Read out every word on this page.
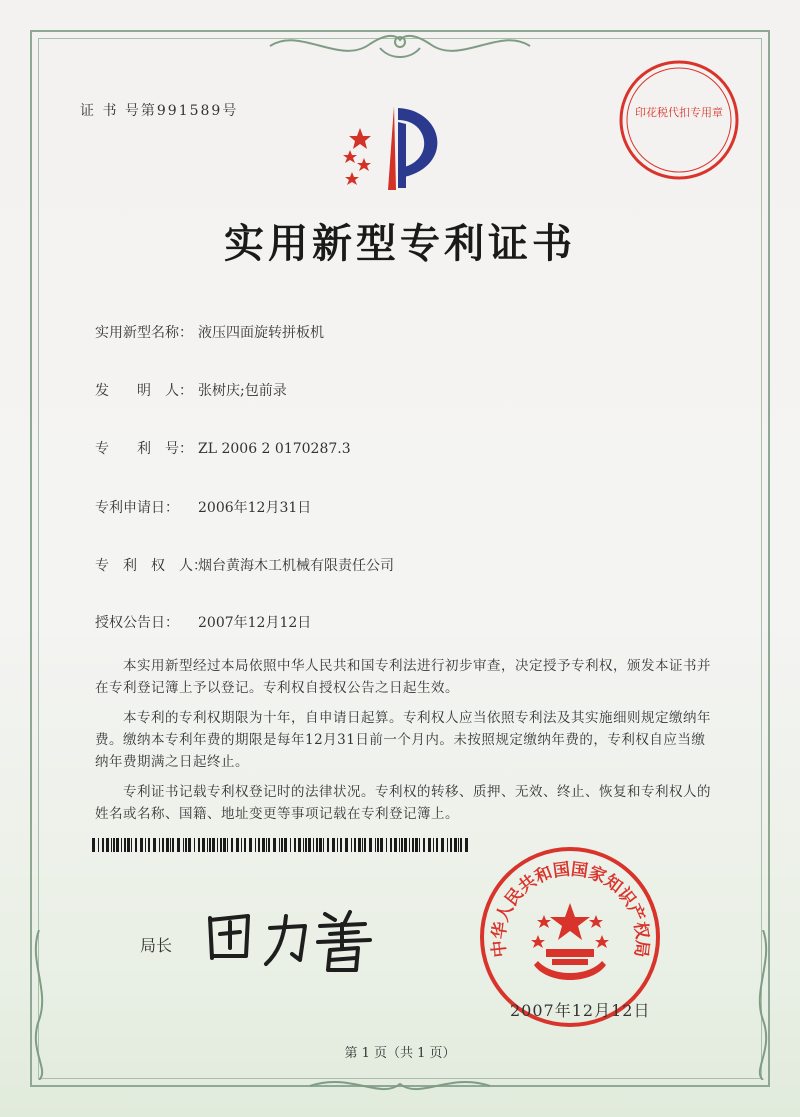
证 书 号第991589号	印花税代扣专用章
实用新型专利证书
实用新型名称： 液压四面旋转拼板机
发　　明　人： 张树庆;包前录
专　　利　号： ZL 2006 2 0170287.3
专利申请日： 2006年12月31日
专　利　权　人：烟台黄海木工机械有限责任公司
授权公告日： 2007年12月12日

本实用新型经过本局依照中华人民共和国专利法进行初步审查，决定授予专利权，颁发本证书并在专利登记簿上予以登记。专利权自授权公告之日起生效。

本专利的专利权期限为十年，自申请日起算。专利权人应当依照专利法及其实施细则规定缴纳年费。缴纳本专利年费的期限是每年12月31日前一个月内。未按照规定缴纳年费的，专利权自应当缴纳年费期满之日起终止。

专利证书记载专利权登记时的法律状况。专利权的转移、质押、无效、终止、恢复和专利权人的姓名或名称、国籍、地址变更等事项记载在专利登记簿上。

局长	中华人民共和国国家知识产权局
2007年12月12日
第 1 页（共 1 页）
